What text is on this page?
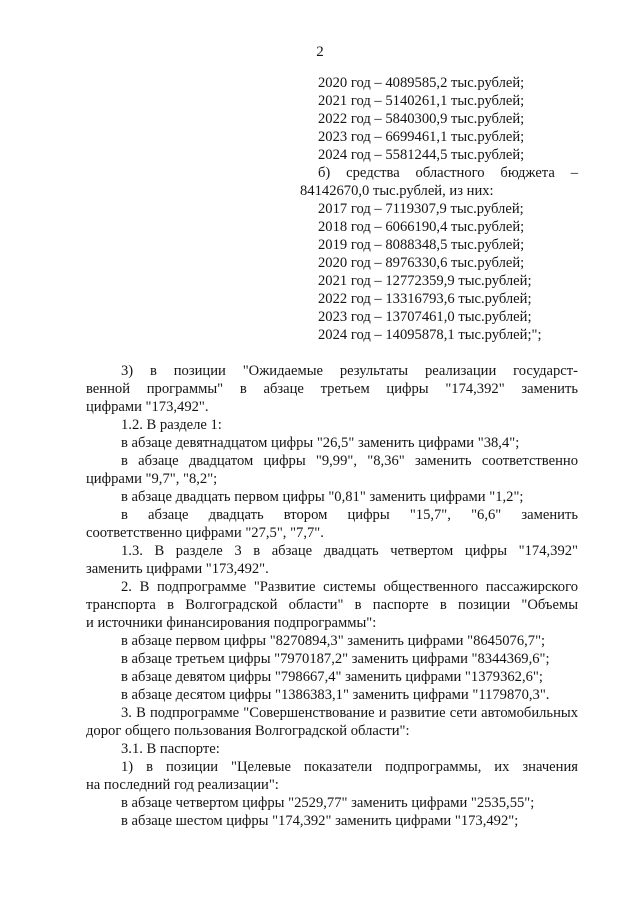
2
2020 год – 4089585,2 тыс.рублей;
2021 год – 5140261,1 тыс.рублей;
2022 год – 5840300,9 тыс.рублей;
2023 год – 6699461,1 тыс.рублей;
2024 год – 5581244,5 тыс.рублей;
б) средства областного бюджета –
84142670,0 тыс.рублей, из них:
2017 год – 7119307,9 тыс.рублей;
2018 год – 6066190,4 тыс.рублей;
2019 год – 8088348,5 тыс.рублей;
2020 год – 8976330,6 тыс.рублей;
2021 год – 12772359,9 тыс.рублей;
2022 год – 13316793,6 тыс.рублей;
2023 год – 13707461,0 тыс.рублей;
2024 год – 14095878,1 тыс.рублей;";
3) в позиции "Ожидаемые результаты реализации государст-
венной программы" в абзаце третьем цифры "174,392" заменить
цифрами "173,492".
1.2. В разделе 1:
в абзаце девятнадцатом цифры "26,5" заменить цифрами "38,4";
в абзаце двадцатом цифры "9,99", "8,36" заменить соответственно
цифрами "9,7", "8,2";
в абзаце двадцать первом цифры "0,81" заменить цифрами "1,2";
в абзаце двадцать втором цифры "15,7", "6,6" заменить
соответственно цифрами "27,5", "7,7".
1.3. В разделе 3 в абзаце двадцать четвертом цифры "174,392"
заменить цифрами "173,492".
2. В подпрограмме "Развитие системы общественного пассажирского
транспорта в Волгоградской области" в паспорте в позиции "Объемы
и источники финансирования подпрограммы":
в абзаце первом цифры "8270894,3" заменить цифрами "8645076,7";
в абзаце третьем цифры "7970187,2" заменить цифрами "8344369,6";
в абзаце девятом цифры "798667,4" заменить цифрами "1379362,6";
в абзаце десятом цифры "1386383,1" заменить цифрами "1179870,3".
3. В подпрограмме "Совершенствование и развитие сети автомобильных
дорог общего пользования Волгоградской области":
3.1. В паспорте:
1) в позиции "Целевые показатели подпрограммы, их значения
на последний год реализации":
в абзаце четвертом цифры "2529,77" заменить цифрами "2535,55";
в абзаце шестом цифры "174,392" заменить цифрами "173,492";
